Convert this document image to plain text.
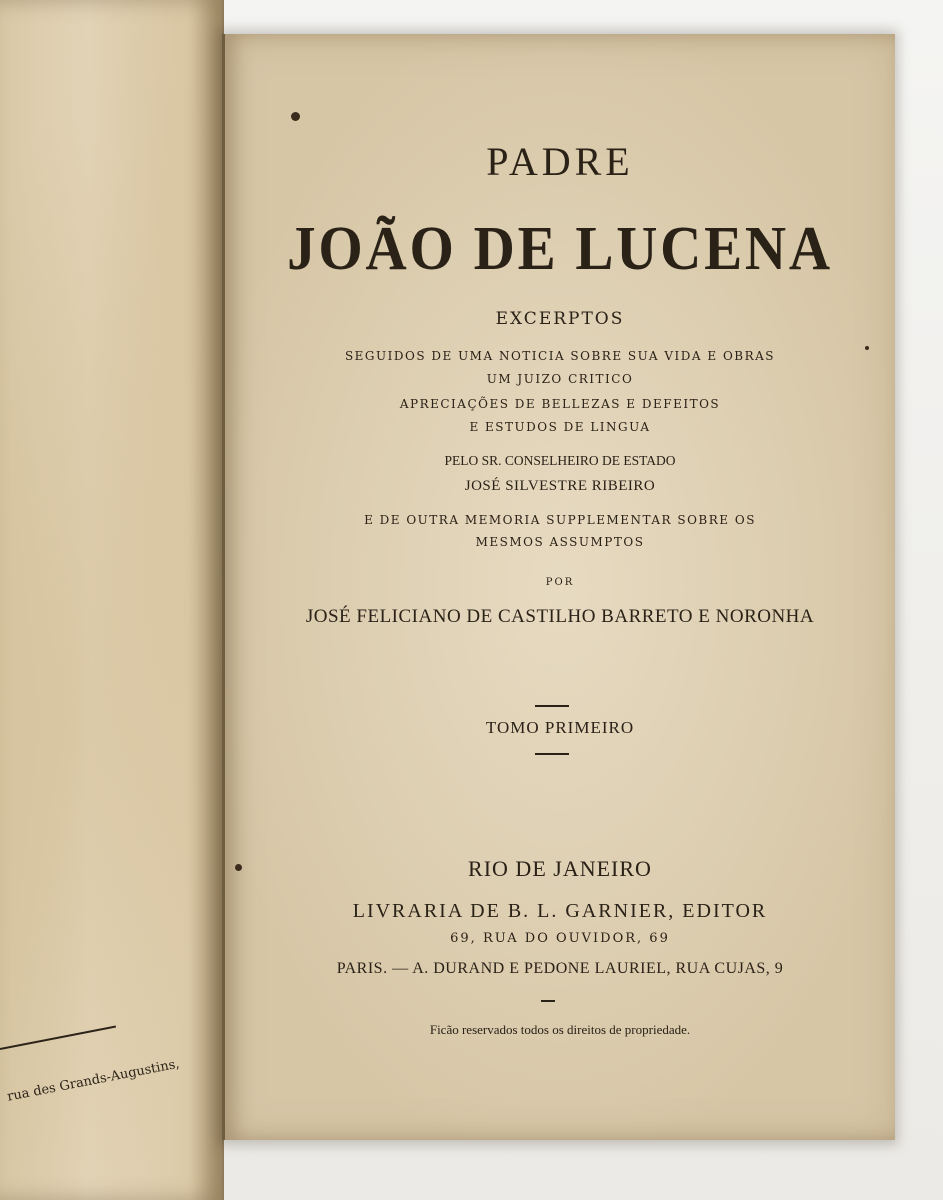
rua des Grands-Augustins,
PADRE
JOÃO DE LUCENA
EXCERPTOS
SEGUIDOS DE UMA NOTICIA SOBRE SUA VIDA E OBRAS
UM JUIZO CRITICO
APRECIAÇÕES DE BELLEZAS E DEFEITOS
E ESTUDOS DE LINGUA
PELO SR. CONSELHEIRO DE ESTADO
JOSÉ SILVESTRE RIBEIRO
E DE OUTRA MEMORIA SUPPLEMENTAR SOBRE OS
MESMOS ASSUMPTOS
POR
JOSÉ FELICIANO DE CASTILHO BARRETO E NORONHA
TOMO PRIMEIRO
RIO DE JANEIRO
LIVRARIA DE B. L. GARNIER, EDITOR
69, RUA DO OUVIDOR, 69
PARIS. — A. DURAND E PEDONE LAURIEL, RUA CUJAS, 9
Ficão reservados todos os direitos de propriedade.
